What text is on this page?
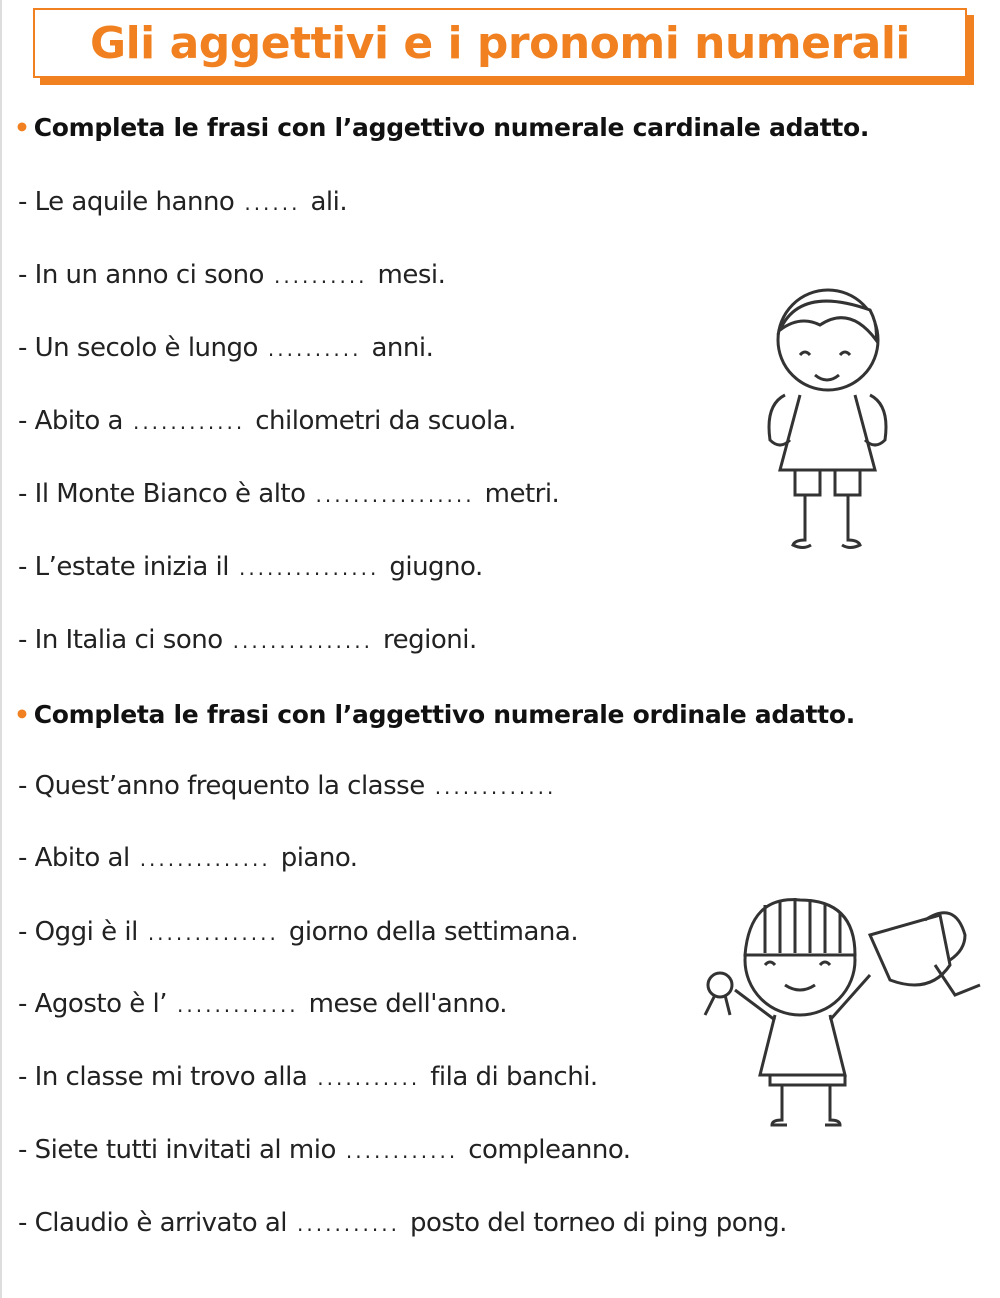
Gli aggettivi e i pronomi numerali
• Completa le frasi con l’aggettivo numerale cardinale adatto.
- Le aquile hanno ...... ali.
- In un anno ci sono .......... mesi.
- Un secolo è lungo .......... anni.
- Abito a ............ chilometri da scuola.
- Il Monte Bianco è alto ................. metri.
- L’estate inizia il ............... giugno.
- In Italia ci sono ............... regioni.
• Completa le frasi con l’aggettivo numerale ordinale adatto.
- Quest’anno frequento la classe .............
- Abito al .............. piano.
- Oggi è il .............. giorno della settimana.
- Agosto è l’ ............. mese dell'anno.
- In classe mi trovo alla ........... fila di banchi.
- Siete tutti invitati al mio ............ compleanno.
- Claudio è arrivato al ........... posto del torneo di ping pong.
